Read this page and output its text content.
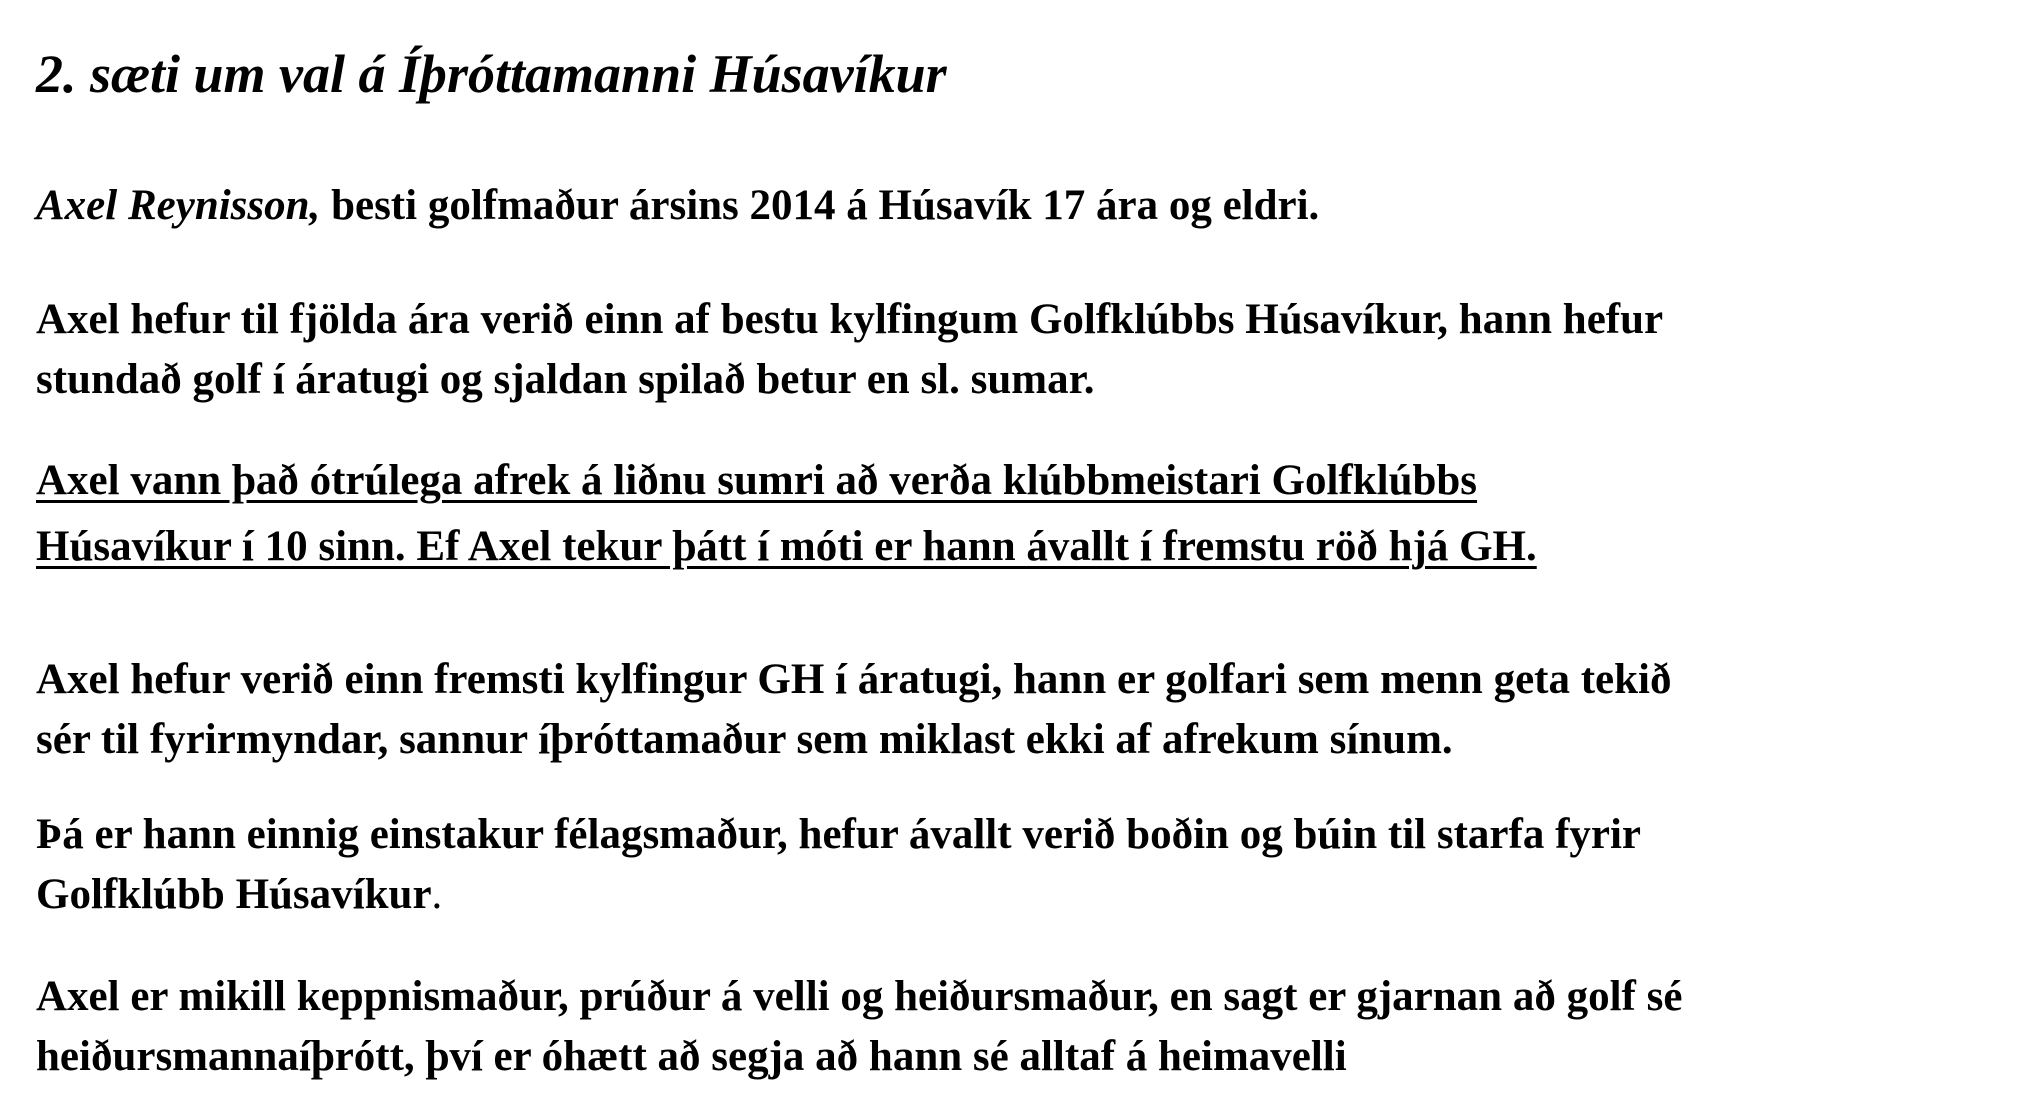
2. sæti um val á Íþróttamanni Húsavíkur

Axel Reynisson, besti golfmaður ársins 2014 á Húsavík 17 ára og eldri.

Axel hefur til fjölda ára verið einn af bestu kylfingum Golfklúbbs Húsavíkur, hann hefur
stundað golf í áratugi og sjaldan spilað betur en sl. sumar.

Axel vann það ótrúlega afrek á liðnu sumri að verða klúbbmeistari Golfklúbbs
Húsavíkur í 10 sinn. Ef Axel tekur þátt í móti er hann ávallt í fremstu röð hjá GH.

Axel hefur verið einn fremsti kylfingur GH í áratugi, hann er golfari sem menn geta tekið
sér til fyrirmyndar, sannur íþróttamaður sem miklast ekki af afrekum sínum.

Þá er hann einnig einstakur félagsmaður, hefur ávallt verið boðin og búin til starfa fyrir
Golfklúbb Húsavíkur.

Axel er mikill keppnismaður, prúður á velli og heiðursmaður, en sagt er gjarnan að golf sé
heiðursmannaíþrótt, því er óhætt að segja að hann sé alltaf á heimavelli
